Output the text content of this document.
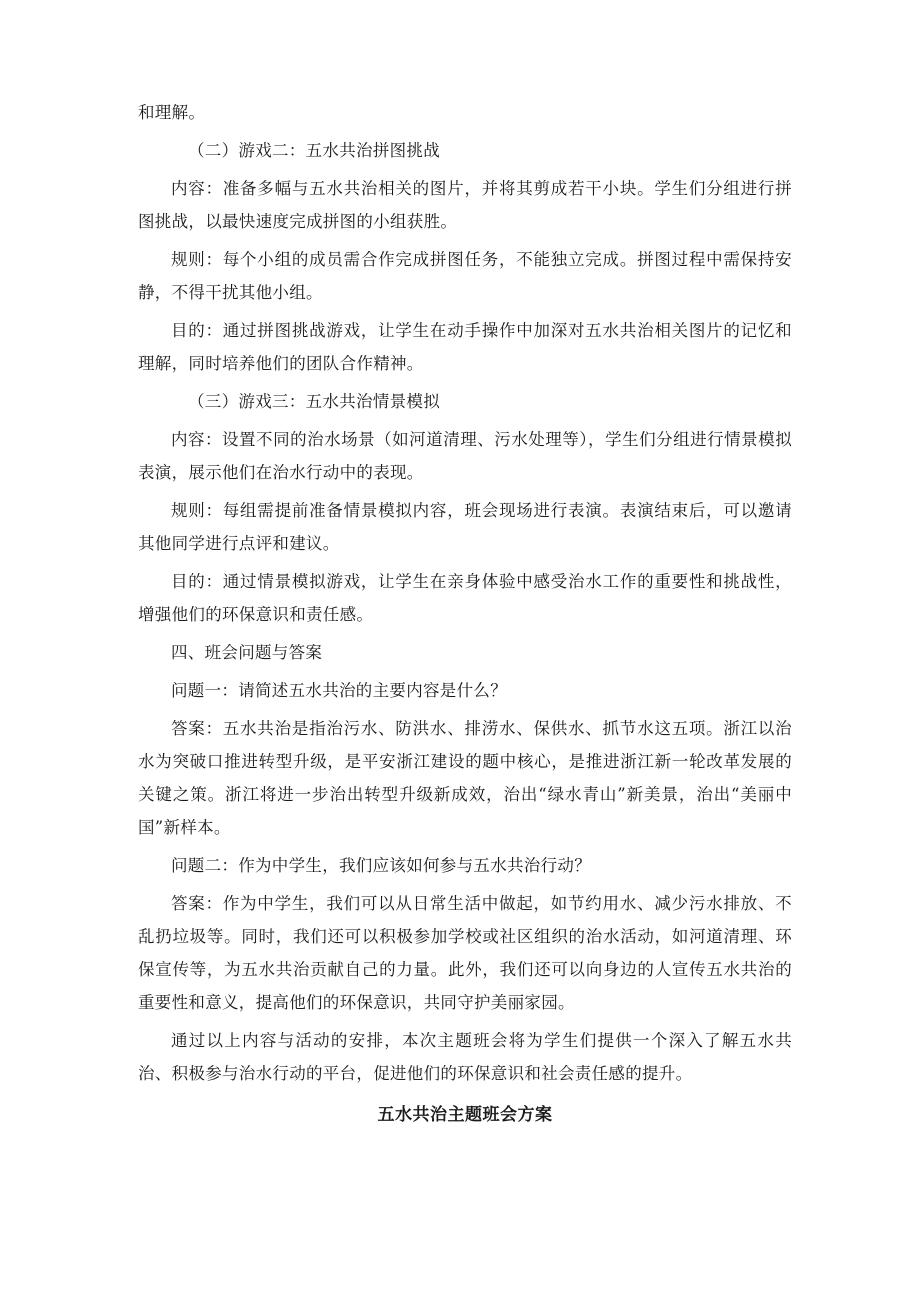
和理解。

（二）游戏二：五水共治拼图挑战

内容：准备多幅与五水共治相关的图片，并将其剪成若干小块。学生们分组进行拼图挑战，以最快速度完成拼图的小组获胜。

规则：每个小组的成员需合作完成拼图任务，不能独立完成。拼图过程中需保持安静，不得干扰其他小组。

目的：通过拼图挑战游戏，让学生在动手操作中加深对五水共治相关图片的记忆和理解，同时培养他们的团队合作精神。

（三）游戏三：五水共治情景模拟

内容：设置不同的治水场景（如河道清理、污水处理等），学生们分组进行情景模拟表演，展示他们在治水行动中的表现。

规则：每组需提前准备情景模拟内容，班会现场进行表演。表演结束后，可以邀请其他同学进行点评和建议。

目的：通过情景模拟游戏，让学生在亲身体验中感受治水工作的重要性和挑战性，增强他们的环保意识和责任感。

四、班会问题与答案

问题一：请简述五水共治的主要内容是什么？

答案：五水共治是指治污水、防洪水、排涝水、保供水、抓节水这五项。浙江以治水为突破口推进转型升级，是平安浙江建设的题中核心，是推进浙江新一轮改革发展的关键之策。浙江将进一步治出转型升级新成效，治出“绿水青山”新美景，治出“美丽中国”新样本。

问题二：作为中学生，我们应该如何参与五水共治行动？

答案：作为中学生，我们可以从日常生活中做起，如节约用水、减少污水排放、不乱扔垃圾等。同时，我们还可以积极参加学校或社区组织的治水活动，如河道清理、环保宣传等，为五水共治贡献自己的力量。此外，我们还可以向身边的人宣传五水共治的重要性和意义，提高他们的环保意识，共同守护美丽家园。

通过以上内容与活动的安排，本次主题班会将为学生们提供一个深入了解五水共治、积极参与治水行动的平台，促进他们的环保意识和社会责任感的提升。

五水共治主题班会方案
